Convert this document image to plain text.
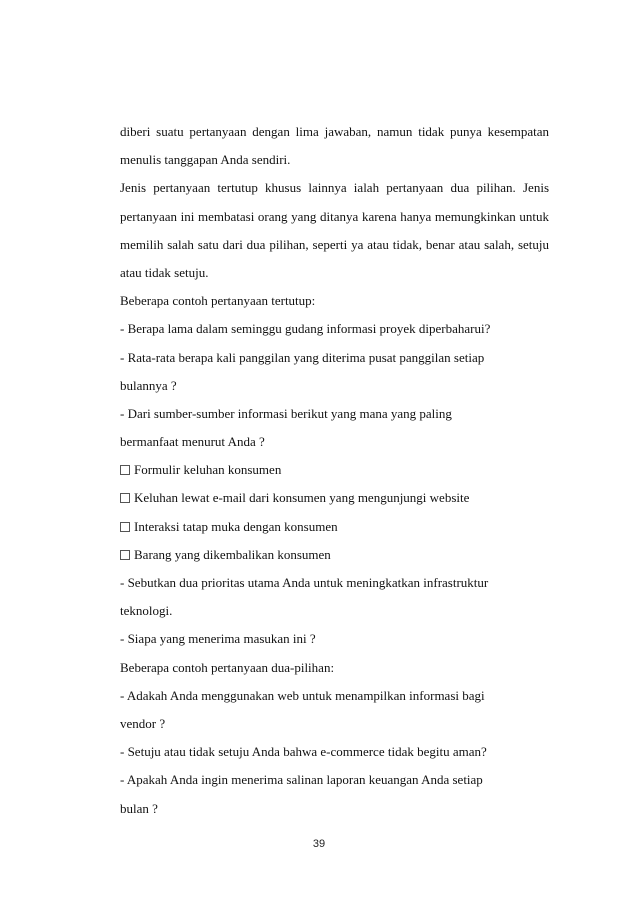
diberi suatu pertanyaan dengan lima jawaban, namun tidak punya kesempatan
menulis tanggapan Anda sendiri.
Jenis pertanyaan tertutup khusus lainnya ialah pertanyaan dua pilihan. Jenis
pertanyaan ini membatasi orang yang ditanya karena hanya memungkinkan untuk
memilih salah satu dari dua pilihan, seperti ya atau tidak, benar atau salah, setuju
atau tidak setuju.
Beberapa contoh pertanyaan tertutup:
- Berapa lama dalam seminggu gudang informasi proyek diperbaharui?
- Rata-rata berapa kali panggilan yang diterima pusat panggilan setiap
bulannya ?
- Dari sumber-sumber informasi berikut yang mana yang paling
bermanfaat menurut Anda ?
Formulir keluhan konsumen
Keluhan lewat e-mail dari konsumen yang mengunjungi website
Interaksi tatap muka dengan konsumen
Barang yang dikembalikan konsumen
- Sebutkan dua prioritas utama Anda untuk meningkatkan infrastruktur
teknologi.
- Siapa yang menerima masukan ini ?
Beberapa contoh pertanyaan dua-pilihan:
- Adakah Anda menggunakan web untuk menampilkan informasi bagi
vendor ?
- Setuju atau tidak setuju Anda bahwa e-commerce tidak begitu aman?
- Apakah Anda ingin menerima salinan laporan keuangan Anda setiap
bulan ?
39
